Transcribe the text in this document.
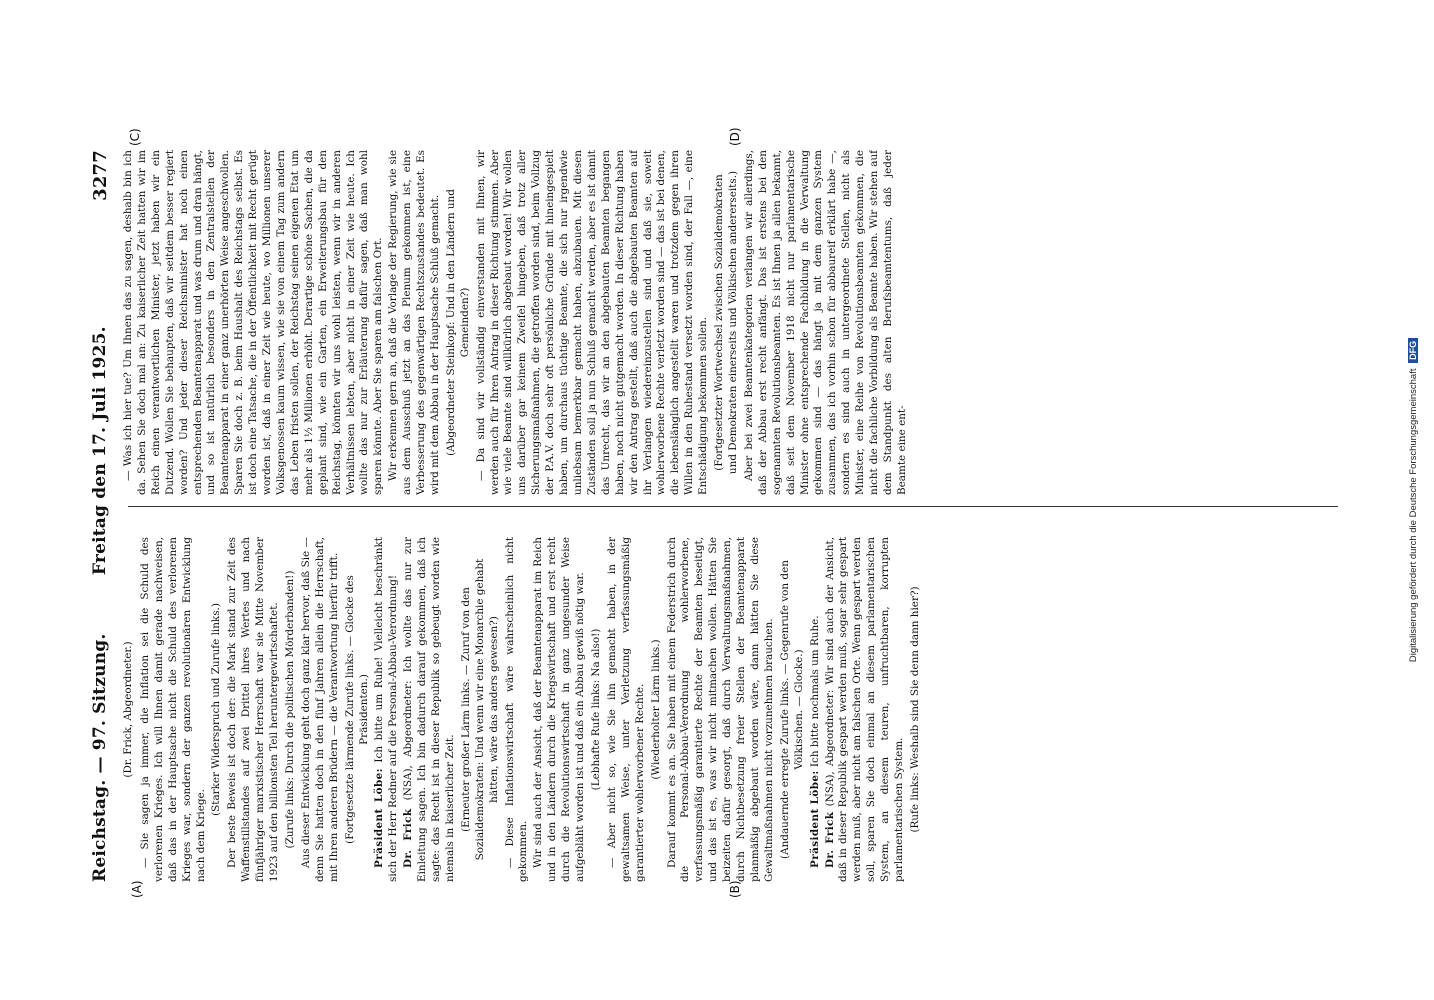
Reichstag. — 97. Sitzung.
Freitag den 17. Juli 1925.
3277
(A)	(B)
(C)	(D)

(Dr. Frick, Abgeordneter.) — Sie sagen ja immer, die Inflation sei die Schuld des verlorenen Krieges. Ich will Ihnen damit gerade nachweisen, daß das in der Hauptsache nicht die Schuld des verlorenen Krieges war, sondern der ganzen revolutionären Entwicklung nach dem Kriege.

(Starker Widerspruch und Zurufe links.) Der beste Beweis ist doch der: die Mark stand zur Zeit des Waffenstillstandes auf zwei Drittel ihres Wertes und nach fünfjähriger marxistischer Herrschaft war sie Mitte November 1923 auf den billionsten Teil heruntergewirtschaftet. (Zurufe links: Durch die politischen Mörderbanden!) Aus dieser Entwicklung geht doch ganz klar hervor, daß Sie — denn Sie hatten doch in den fünf Jahren allein die Herrschaft, mit Ihren anderen Brüdern — die Verantwortung hierfür trifft. (Fortgesetzte lärmende Zurufe links. — Glocke des Präsidenten.)

Präsident Löbe: Ich bitte um Ruhe! Vielleicht beschränkt sich der Herr Redner auf die Personal-Abbau-Verordnung! Dr. Frick (NSA), Abgeordneter: Ich wollte das nur zur Einleitung sagen. Ich bin dadurch darauf gekommen, daß ich sagte: das Recht ist in dieser Republik so gebeugt worden wie niemals in kaiserlicher Zeit. (Erneuter großer Lärm links. — Zuruf von den Sozialdemokraten: Und wenn wir eine Monarchie gehabt hätten, wäre das anders gewesen?) — Diese Inflationswirtschaft wäre wahrscheinlich nicht gekommen. Wir sind auch der Ansicht, daß der Beamtenapparat im Reich und in den Ländern durch die Kriegswirtschaft und erst recht durch die Revolutionswirtschaft in ganz ungesunder Weise aufgebläht worden ist und daß ein Abbau gewiß nötig war. (Lebhafte Rufe links: Na also!) — Aber nicht so, wie Sie ihn gemacht haben, in der gewaltsamen Weise, unter Verletzung verfassungsmäßig garantierter wohlerworbener Rechte. (Wiederholter Lärm links.) Darauf kommt es an. Sie haben mit einem Federstrich durch die Personal-Abbau-Verordnung wohlerworbene, verfassungsmäßig garantierte Rechte der Beamten beseitigt, und das ist es, was wir nicht mitmachen wollen. Hätten Sie beizeiten dafür gesorgt, daß durch Verwaltungsmaßnahmen, durch Nichtbesetzung freier Stellen der Beamtenapparat planmäßig abgebaut worden wäre, dann hätten Sie diese Gewaltmaßnahmen nicht vorzunehmen brauchen. (Andauernde erregte Zurufe links. — Gegenrufe von den Völkischen. — Glocke.)

Präsident Löbe: Ich bitte nochmals um Ruhe.

Dr. Frick (NSA), Abgeordneter: Wir sind auch der Ansicht, daß in dieser Republik gespart werden muß, sogar sehr gespart werden muß, aber nicht am falschen Orte. Wenn gespart werden soll, sparen Sie doch einmal an diesem parlamentarischen System, an diesem teuren, unfruchtbaren, korrupten parlamentarischen System. (Rufe links: Weshalb sind Sie denn dann hier?)

— Was ich hier tue? Um Ihnen das zu sagen, deshalb bin ich da. Sehen Sie doch mal an: Zu kaiserlicher Zeit hatten wir im Reich einen verantwortlichen Minister, jetzt haben wir ein Dutzend. Wollen Sie behaupten, daß wir seitdem besser regiert worden? Und jeder dieser Reichsminister hat noch einen entsprechenden Beamtenapparat und was drum und dran hängt, und so ist natürlich besonders in den Zentralstellen der Beamtenapparat in einer ganz unerhörten Weise angeschwollen. Sparen Sie doch z. B. beim Haushalt des Reichstags selbst. Es ist doch eine Tatsache, die in der Öffentlichkeit mit Recht gerügt worden ist, daß in einer Zeit wie heute, wo Millionen unserer Volksgenossen kaum wissen, wie sie von einem Tag zum andern das Leben fristen sollen, der Reichstag seinen eigenen Etat um mehr als 1½ Millionen erhöht. Derartige schöne Sachen, die da geplant sind, wie ein Garten, ein Erweiterungsbau für den Reichstag, könnten wir uns wohl leisten, wenn wir in anderen Verhältnissen lebten, aber nicht in einer Zeit wie heute. Ich wollte das nur zur Erläuterung dafür sagen, daß man wohl sparen könnte. Aber Sie sparen am falschen Ort. Wir erkennen gern an, daß die Vorlage der Regierung, wie sie aus dem Ausschuß jetzt an das Plenum gekommen ist, eine Verbesserung des gegenwärtigen Rechtszustandes bedeutet. Es wird mit dem Abbau in der Hauptsache Schluß gemacht. (Abgeordneter Steinkopf: Und in den Ländern und Gemeinden?) — Da sind wir vollständig einverstanden mit Ihnen, wir werden auch für Ihren Antrag in dieser Richtung stimmen. Aber wie viele Beamte sind willkürlich abgebaut worden! Wir wollen uns darüber gar keinem Zweifel hingeben, daß trotz aller Sicherungsmaßnahmen, die getroffen worden sind, beim Vollzug der P.A.V. doch sehr oft persönliche Gründe mit hineingespielt haben, um durchaus tüchtige Beamte, die sich nur irgendwie unliebsam bemerkbar gemacht haben, abzubauen. Mit diesen Zuständen soll ja nun Schluß gemacht werden, aber es ist damit das Unrecht, das wir an den abgebauten Beamten begangen haben, noch nicht gutgemacht worden. In dieser Richtung haben wir den Antrag gestellt, daß auch die abgebauten Beamten auf ihr Verlangen wiedereinzustellen sind und daß sie, soweit wohlerworbene Rechte verletzt worden sind — das ist bei denen, die lebenslänglich angestellt waren und trotzdem gegen ihren Willen in den Ruhestand versetzt worden sind, der Fall —, eine Entschädigung bekommen sollen. (Fortgesetzter Wortwechsel zwischen Sozialdemokraten und Demokraten einerseits und Völkischen andererseits.) Aber bei zwei Beamtenkategorien verlangen wir allerdings, daß der Abbau erst recht anfängt. Das ist erstens bei den sogenannten Revolutionsbeamten. Es ist Ihnen ja allen bekannt, daß seit dem November 1918 nicht nur parlamentarische Minister ohne entsprechende Fachbildung in die Verwaltung gekommen sind — das hängt ja mit dem ganzen System zusammen, das ich vorhin schon für abbaureif erklärt habe —, sondern es sind auch in untergeordnete Stellen, nicht als Minister, eine Reihe von Revolutionsbeamten gekommen, die nicht die fachliche Vorbildung als Beamte haben. Wir stehen auf dem Standpunkt des alten Berufsbeamtentums, daß jeder Beamte eine ent-	Digitalisierung gefördert durch die Deutsche Forschungsgemeinschaft DFG
